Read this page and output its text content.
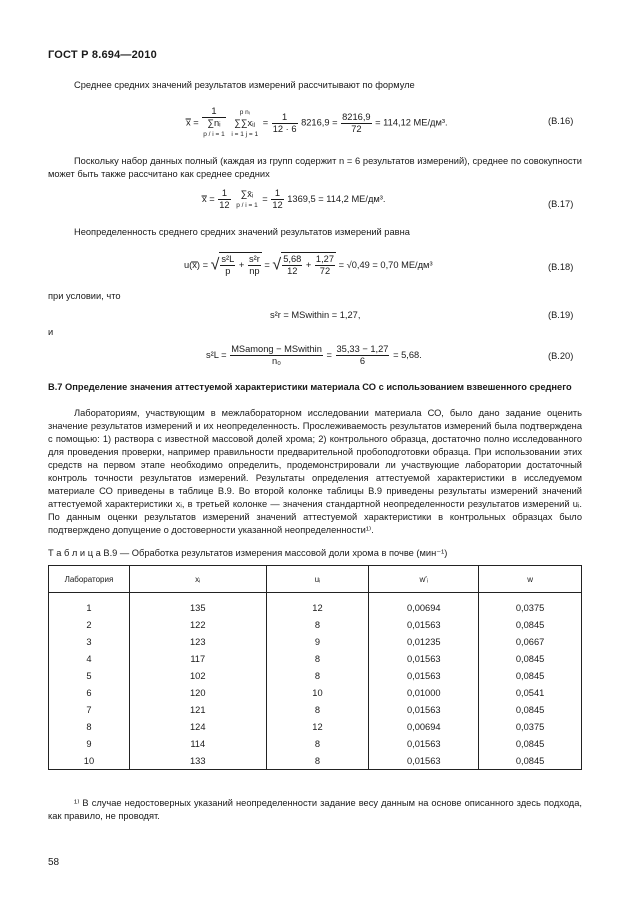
ГОСТ Р 8.694—2010
Среднее средних значений результатов измерений рассчитывают по формуле
x̿ =
1
∑nᵢ
p / i = 1

p nᵢ
∑∑xᵢⱼ
i = 1 j = 1
= $\frac{1}{12 \cdot 6} 8216,9 = \frac{8216,9}{72} = 114,12$ МЕ/дм³.	(В.16)
Поскольку набор данных полный (каждая из групп содержит n = 6 результатов измерений), среднее по совокупности может быть также рассчитано как среднее средних
x̿ = $\frac{1}{12}$
	∑x̄ᵢ
p / i = 1
= $\frac{1}{12} 1369,5 = 114,2$ МЕ/дм³.
(В.17)
Неопределенность среднего средних значений результатов измерений равна
u(x̿) = √ $\frac{\text{s²L}}{p} + \frac{\text{s²r}}{np}$ = √ $\frac{5,68}{12} + \frac{1,27}{72} = √0,49 = 0,70$ МЕ/дм³	(В.18)
при условии, что
s²r = MSwithin = 1,27,	(В.19)
и
$s^2L = \frac{\text{MSamong − MSwithin}}{\text{n₀}} = \frac{35,33 - 1,27}{6} = 5,68$.	(В.20)
В.7 Определение значения аттестуемой характеристики материала СО с использованием взвешенного среднего
Лабораториям, участвующим в межлабораторном исследовании материала СО, было дано задание оценить значение результатов измерений и их неопределенность. Прослеживаемость результатов измерений была подтверждена с помощью: 1) раствора с известной массовой долей хрома; 2) контрольного образца, достаточно полно исследованного для проведения проверки, например правильности предварительной пробоподготовки образца. При использовании этих средств на первом этапе необходимо определить, продемонстрировали ли участвующие лаборатории достаточный контроль точности результатов измерений. Результаты определения аттестуемой характеристики в исследуемом материале СО приведены в таблице В.9. Во второй колонке таблицы В.9 приведены результаты измерений значений аттестуемой характеристики xᵢ, в третьей колонке — значения стандартной неопределенности результатов измерений uᵢ. По данным оценки результатов измерений значений аттестуемой характеристики в контрольных образцах было подтверждено допущение о достоверности указанной неопределенности¹⁾.
Т а б л и ц а В.9 — Обработка результатов измерения массовой доли хрома в почве (мин⁻¹)
Лаборатория	xᵢ	uᵢ	w′ᵢ	w
1	135	12	0,00694	0,0375
2	122	8	0,01563	0,0845
3	123	9	0,01235	0,0667
4	117	8	0,01563	0,0845
5	102	8	0,01563	0,0845
6	120	10	0,01000	0,0541
7	121	8	0,01563	0,0845
8	124	12	0,00694	0,0375
9	114	8	0,01563	0,0845
10	133	8	0,01563	0,0845
¹⁾ В случае недостоверных указаний неопределенности задание весу данным на основе описанного здесь подхода, как правило, не проводят.
58
